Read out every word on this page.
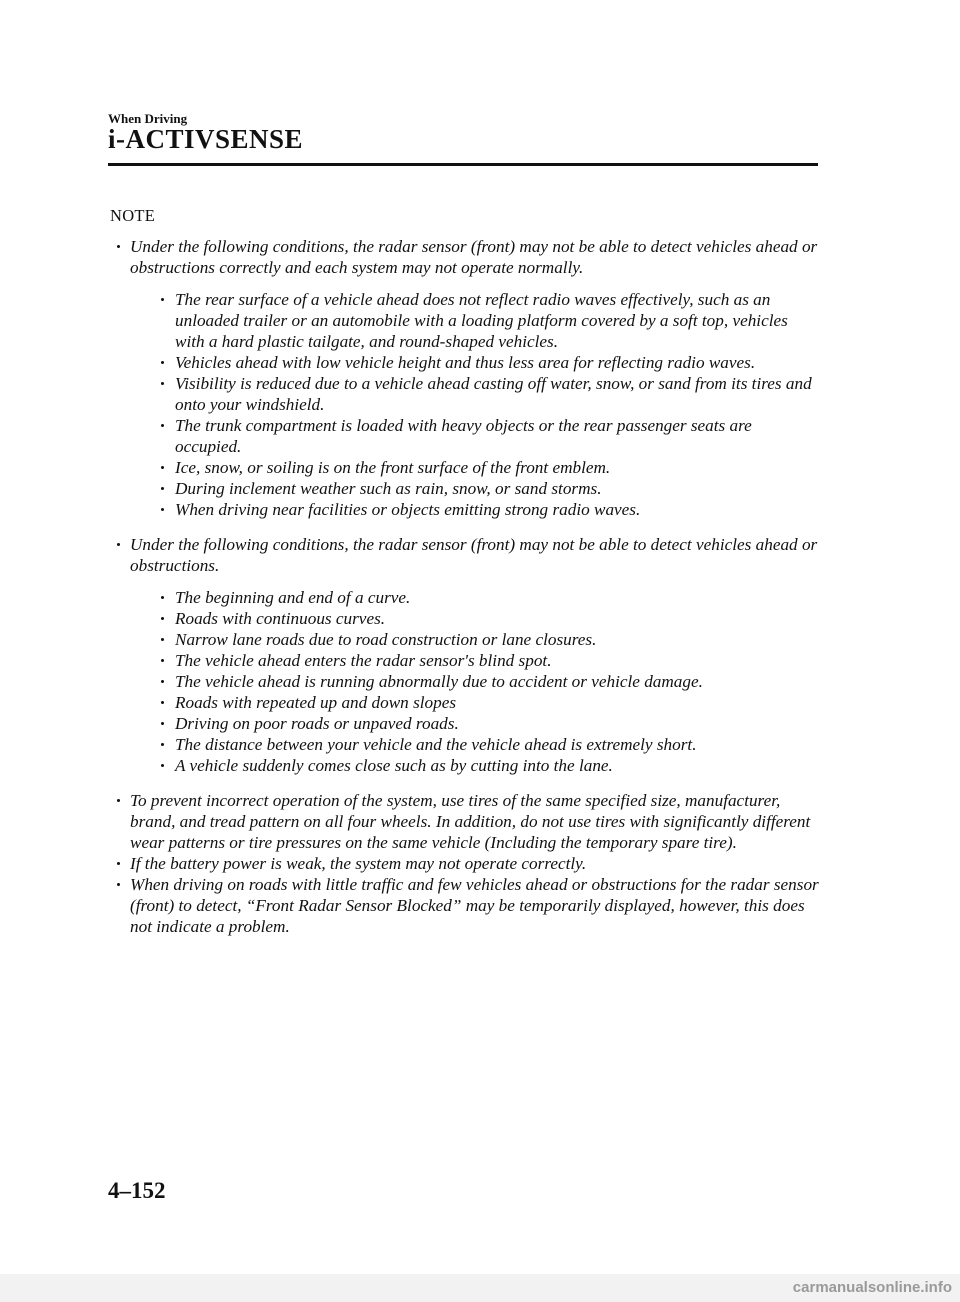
When Driving
i-ACTIVSENSE
NOTE
Under the following conditions, the radar sensor (front) may not be able to detect vehicles ahead or obstructions correctly and each system may not operate normally.
The rear surface of a vehicle ahead does not reflect radio waves effectively, such as an unloaded trailer or an automobile with a loading platform covered by a soft top, vehicles with a hard plastic tailgate, and round-shaped vehicles.
Vehicles ahead with low vehicle height and thus less area for reflecting radio waves.
Visibility is reduced due to a vehicle ahead casting off water, snow, or sand from its tires and onto your windshield.
The trunk compartment is loaded with heavy objects or the rear passenger seats are occupied.
Ice, snow, or soiling is on the front surface of the front emblem.
During inclement weather such as rain, snow, or sand storms.
When driving near facilities or objects emitting strong radio waves.
Under the following conditions, the radar sensor (front) may not be able to detect vehicles ahead or obstructions.
The beginning and end of a curve.
Roads with continuous curves.
Narrow lane roads due to road construction or lane closures.
The vehicle ahead enters the radar sensor's blind spot.
The vehicle ahead is running abnormally due to accident or vehicle damage.
Roads with repeated up and down slopes
Driving on poor roads or unpaved roads.
The distance between your vehicle and the vehicle ahead is extremely short.
A vehicle suddenly comes close such as by cutting into the lane.
To prevent incorrect operation of the system, use tires of the same specified size, manufacturer, brand, and tread pattern on all four wheels. In addition, do not use tires with significantly different wear patterns or tire pressures on the same vehicle (Including the temporary spare tire).
If the battery power is weak, the system may not operate correctly.
When driving on roads with little traffic and few vehicles ahead or obstructions for the radar sensor (front) to detect, “Front Radar Sensor Blocked” may be temporarily displayed, however, this does not indicate a problem.
4–152
carmanualsonline.info
